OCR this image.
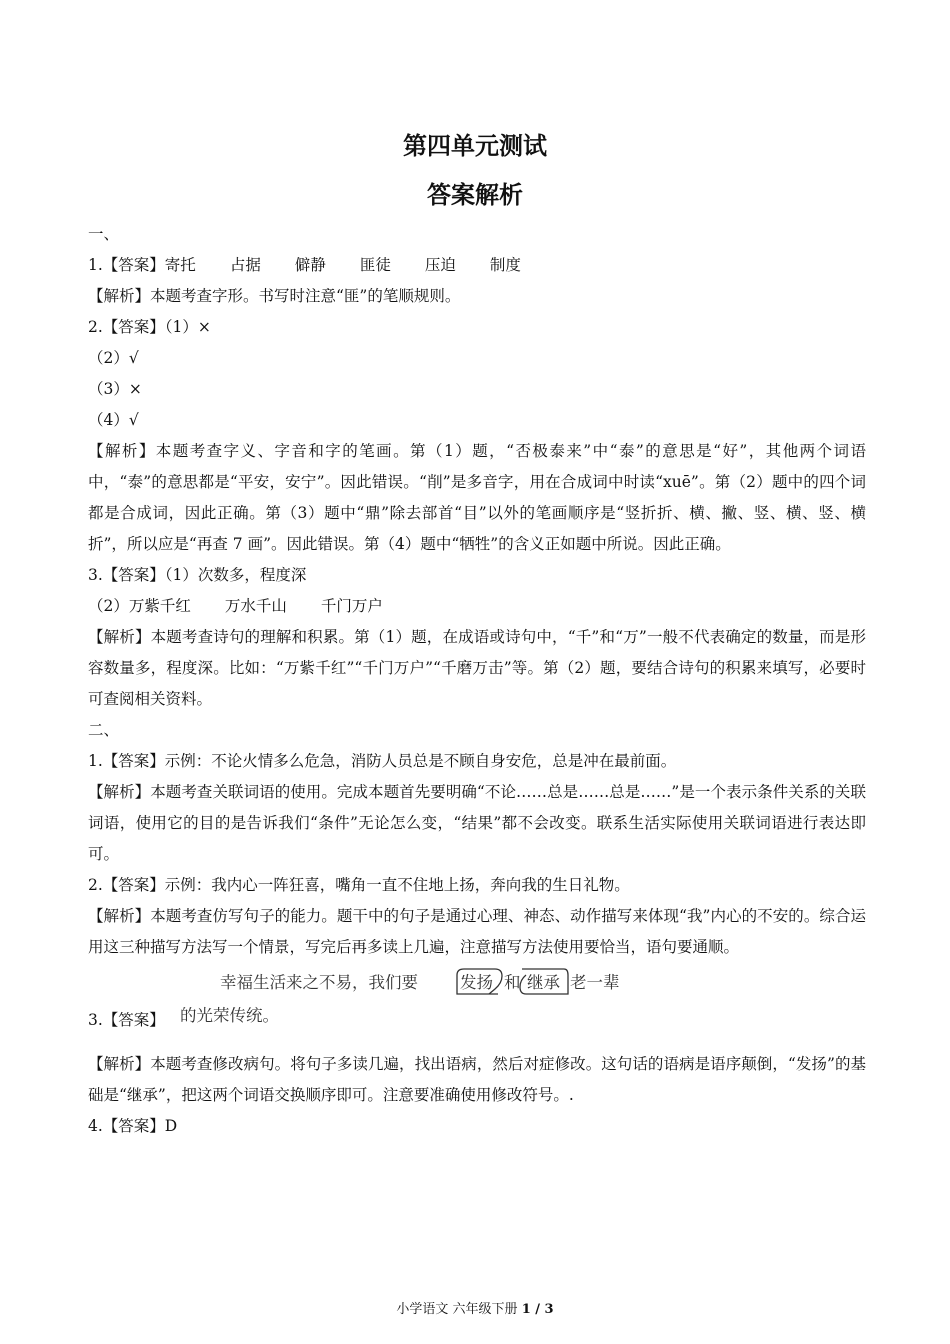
第四单元测试
答案解析
一、
1.【答案】寄托 占据 僻静 匪徒 压迫 制度
【解析】本题考查字形。书写时注意“匪”的笔顺规则。
2.【答案】（1）×
（2）√
（3）×
（4）√
【解析】本题考查字义、字音和字的笔画。第（1）题，“否极泰来”中“泰”的意思是“好”，其他两个词语中，“泰”的意思都是“平安，安宁”。因此错误。“削”是多音字，用在合成词中时读“xuē”。第（2）题中的四个词都是合成词，因此正确。第（3）题中“鼎”除去部首“目”以外的笔画顺序是“竖折折、横、撇、竖、横、竖、横折”，所以应是“再查 7 画”。因此错误。第（4）题中“牺牲”的含义正如题中所说。因此正确。
3.【答案】（1）次数多，程度深
（2）万紫千红 万水千山 千门万户
【解析】本题考查诗句的理解和积累。第（1）题，在成语或诗句中，“千”和“万”一般不代表确定的数量，而是形容数量多，程度深。比如：“万紫千红”“千门万户”“千磨万击”等。第（2）题，要结合诗句的积累来填写，必要时可查阅相关资料。
二、
1.【答案】示例：不论火情多么危急，消防人员总是不顾自身安危，总是冲在最前面。
【解析】本题考查关联词语的使用。完成本题首先要明确“不论……总是……总是……”是一个表示条件关系的关联词语，使用它的目的是告诉我们“条件”无论怎么变，“结果”都不会改变。联系生活实际使用关联词语进行表达即可。
2.【答案】示例：我内心一阵狂喜，嘴角一直不住地上扬，奔向我的生日礼物。
【解析】本题考查仿写句子的能力。题干中的句子是通过心理、神态、动作描写来体现“我”内心的不安的。综合运用这三种描写方法写一个情景，写完后再多读上几遍，注意描写方法使用要恰当，语句要通顺。
3.【答案】
幸福生活来之不易，我们要	发扬 和 继承 老一辈
的光荣传统。
【解析】本题考查修改病句。将句子多读几遍，找出语病，然后对症修改。这句话的语病是语序颠倒，“发扬”的基础是“继承”，把这两个词语交换顺序即可。注意要准确使用修改符号。.
4.【答案】D
小学语文 六年级下册 1 / 3
